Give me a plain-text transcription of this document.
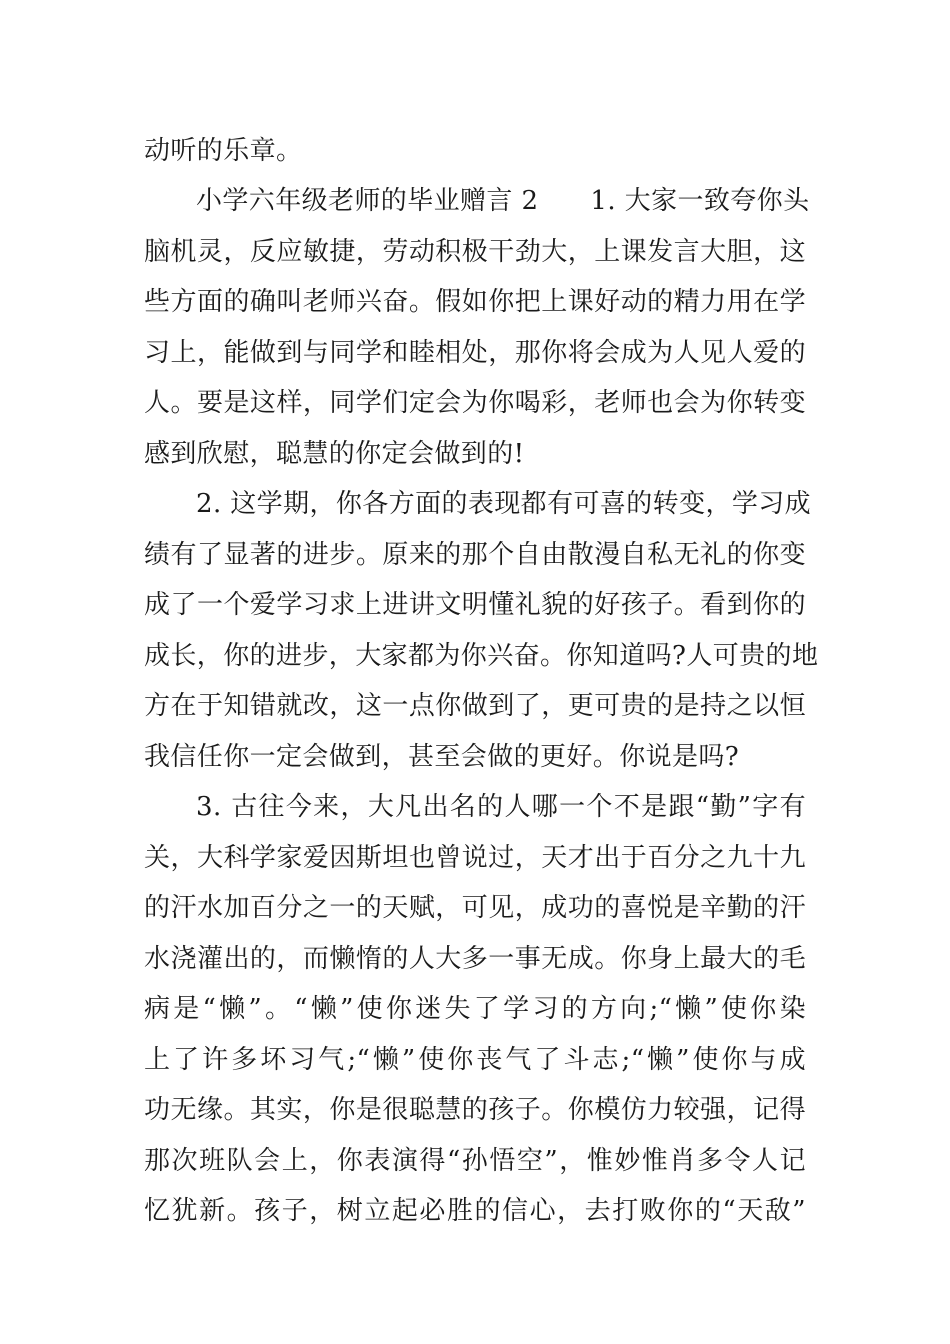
动听的乐章。
小学六年级老师的毕业赠言 2      1. 大家一致夸你头
脑机灵，反应敏捷，劳动积极干劲大，上课发言大胆，这
些方面的确叫老师兴奋。假如你把上课好动的精力用在学
习上，能做到与同学和睦相处，那你将会成为人见人爱的
人。要是这样，同学们定会为你喝彩，老师也会为你转变
感到欣慰，聪慧的你定会做到的!
2. 这学期，你各方面的表现都有可喜的转变，学习成
绩有了显著的进步。原来的那个自由散漫自私无礼的你变
成了一个爱学习求上进讲文明懂礼貌的好孩子。看到你的
成长，你的进步，大家都为你兴奋。你知道吗?人可贵的地
方在于知错就改，这一点你做到了，更可贵的是持之以恒
我信任你一定会做到，甚至会做的更好。你说是吗?
3. 古往今来，大凡出名的人哪一个不是跟“勤”字有
关，大科学家爱因斯坦也曾说过，天才出于百分之九十九
的汗水加百分之一的天赋，可见，成功的喜悦是辛勤的汗
水浇灌出的，而懒惰的人大多一事无成。你身上最大的毛
病是“懒”。“懒”使你迷失了学习的方向;“懒”使你染
上了许多坏习气;“懒”使你丧气了斗志;“懒”使你与成
功无缘。其实，你是很聪慧的孩子。你模仿力较强，记得
那次班队会上，你表演得“孙悟空”，惟妙惟肖多令人记
忆犹新。孩子，树立起必胜的信心，去打败你的“天敌”
